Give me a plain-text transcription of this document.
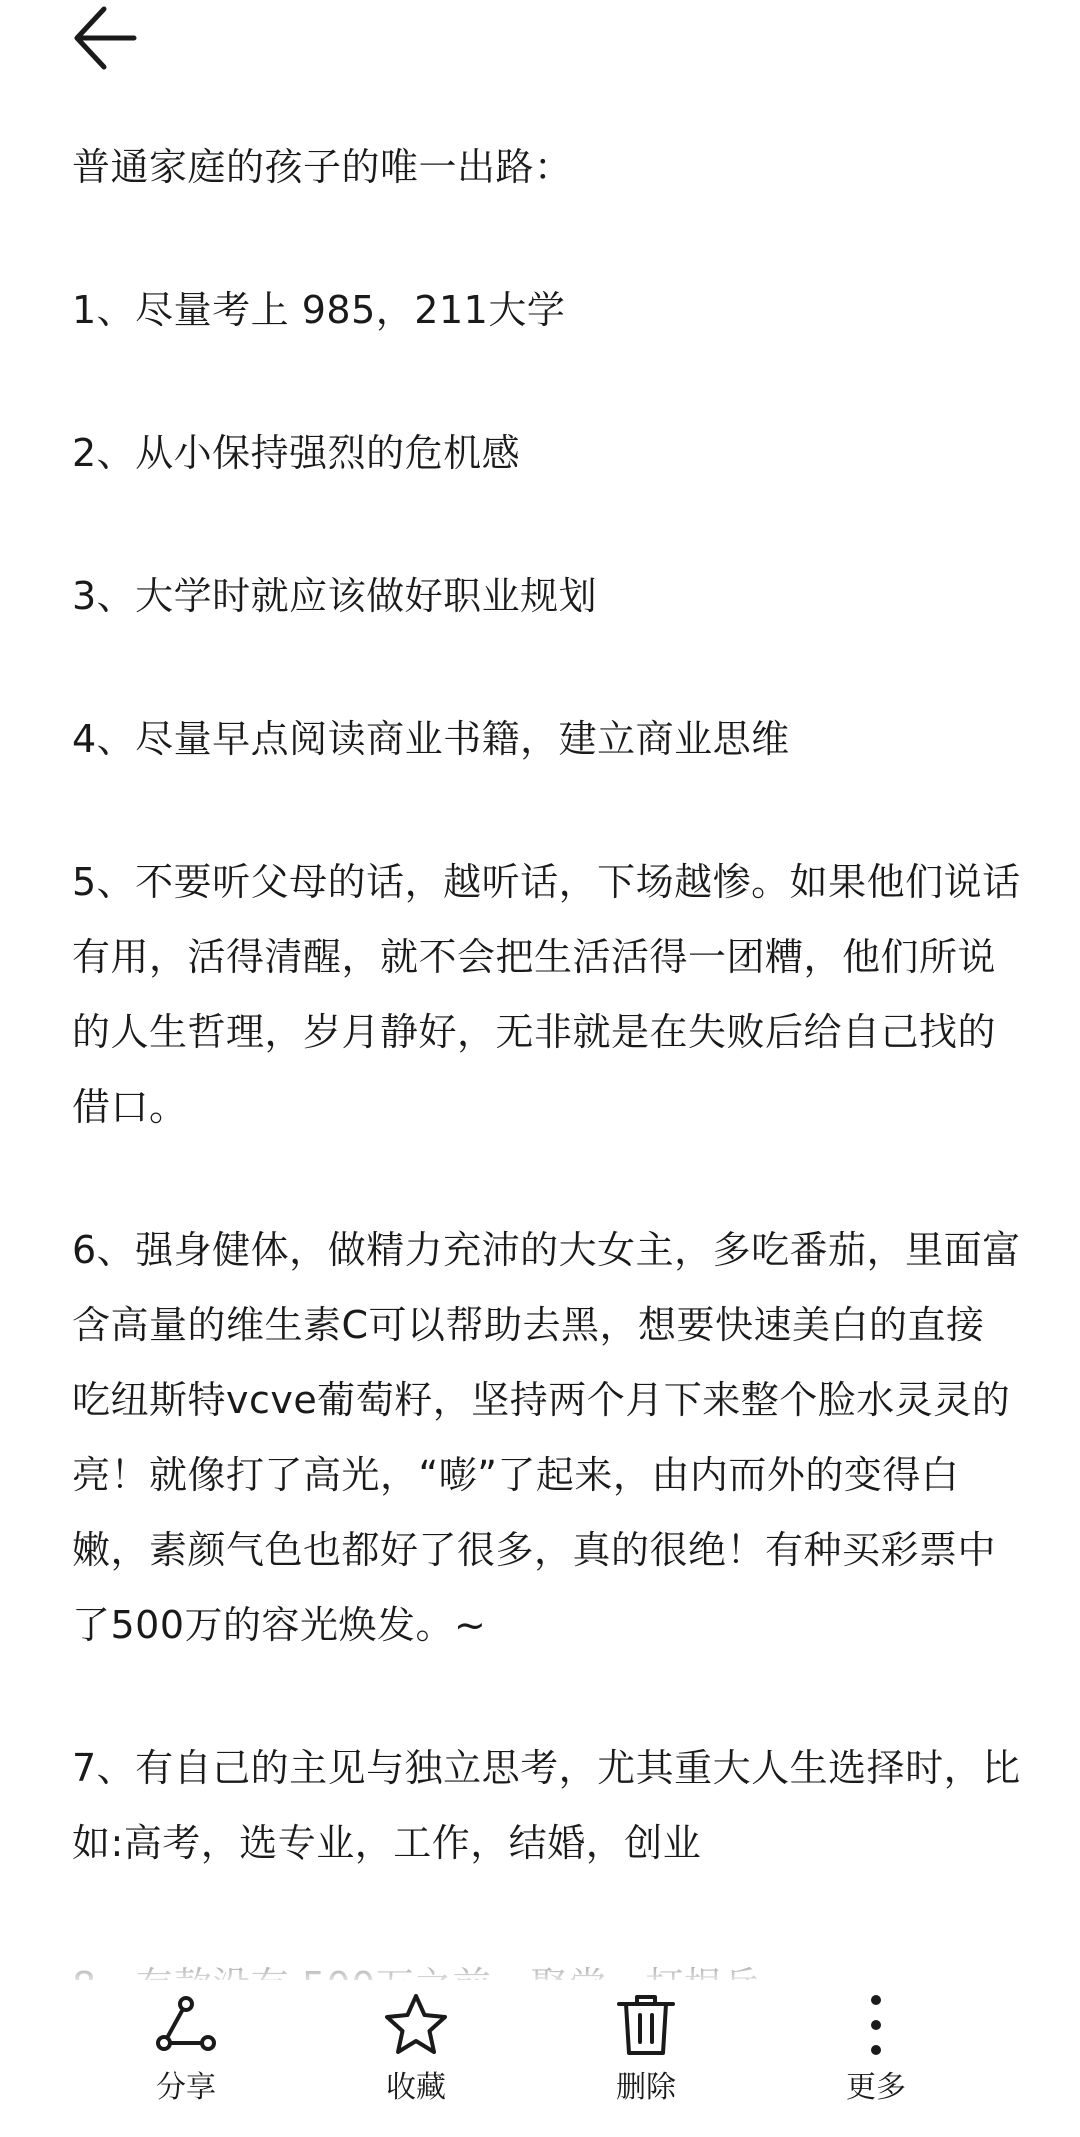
普通家庭的孩子的唯一出路：

1、尽量考上 985，211大学

2、从小保持强烈的危机感

3、大学时就应该做好职业规划

4、尽量早点阅读商业书籍，建立商业思维

5、不要听父母的话，越听话，下场越惨。如果他们说话有用，活得清醒，就不会把生活活得一团糟，他们所说的人生哲理，岁月静好，无非就是在失败后给自己找的借口。

6、强身健体，做精力充沛的大女主，多吃番茄，里面富含高量的维生素C可以帮助去黑，想要快速美白的直接吃纽斯特vcve葡萄籽，坚持两个月下来整个脸水灵灵的亮！就像打了高光，“嘭”了起来，由内而外的变得白嫩，素颜气色也都好了很多，真的很绝！有种买彩票中了500万的容光焕发。~

7、有自己的主见与独立思考，尤其重大人生选择时，比如:高考，选专业，工作，结婚，创业

分享	收藏	删除	更多
